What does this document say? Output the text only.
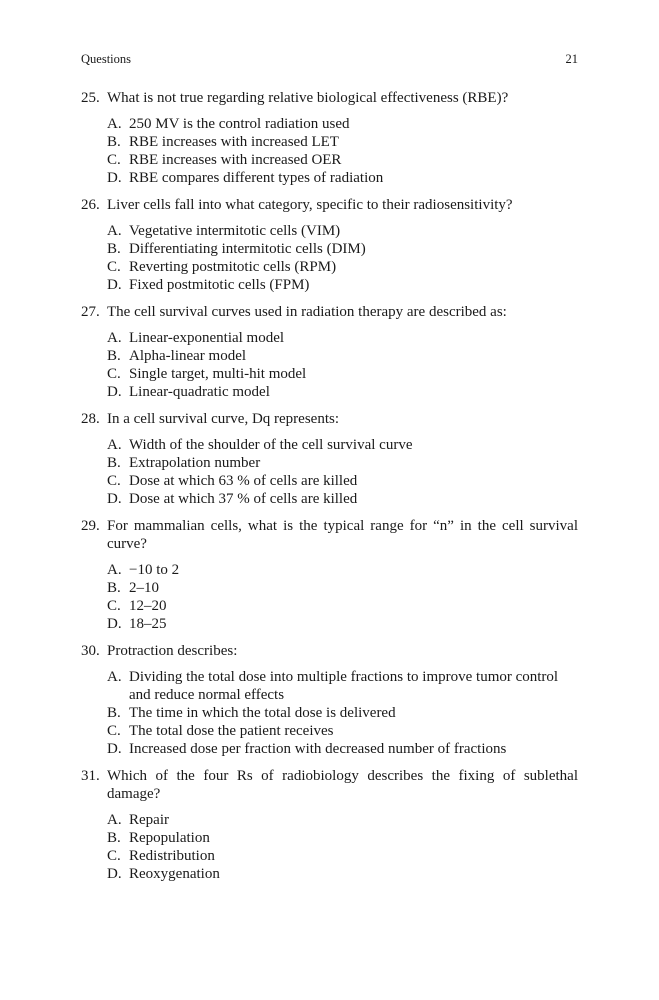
Questions	21
25. What is not true regarding relative biological effectiveness (RBE)?
A. 250 MV is the control radiation used
B. RBE increases with increased LET
C. RBE increases with increased OER
D. RBE compares different types of radiation
26. Liver cells fall into what category, specific to their radiosensitivity?
A. Vegetative intermitotic cells (VIM)
B. Differentiating intermitotic cells (DIM)
C. Reverting postmitotic cells (RPM)
D. Fixed postmitotic cells (FPM)
27. The cell survival curves used in radiation therapy are described as:
A. Linear-exponential model
B. Alpha-linear model
C. Single target, multi-hit model
D. Linear-quadratic model
28. In a cell survival curve, Dq represents:
A. Width of the shoulder of the cell survival curve
B. Extrapolation number
C. Dose at which 63 % of cells are killed
D. Dose at which 37 % of cells are killed
29. For mammalian cells, what is the typical range for “n” in the cell survival curve?
A. −10 to 2
B. 2–10
C. 12–20
D. 18–25
30. Protraction describes:
A. Dividing the total dose into multiple fractions to improve tumor control and reduce normal effects
B. The time in which the total dose is delivered
C. The total dose the patient receives
D. Increased dose per fraction with decreased number of fractions
31. Which of the four Rs of radiobiology describes the fixing of sublethal damage?
A. Repair
B. Repopulation
C. Redistribution
D. Reoxygenation
